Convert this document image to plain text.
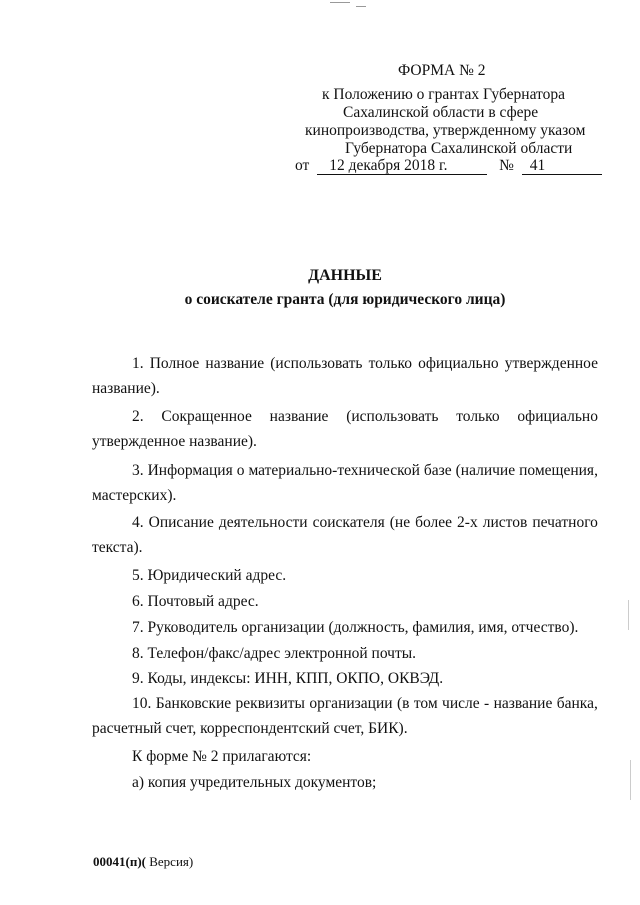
ФОРМА № 2
к Положению о грантах Губернатора
Сахалинской области в сфере
кинопроизводства, утвержденному указом
Губернатора Сахалинской области
от 12 декабря 2018 г.	№ 41
ДАННЫЕ
о соискателе гранта (для юридического лица)
1. Полное название (использовать только официально утвержденное
название).
2. Сокращенное название (использовать только официально
утвержденное название).
3. Информация о материально-технической базе (наличие помещения,
мастерских).
4. Описание деятельности соискателя (не более 2-х листов печатного
текста).
5. Юридический адрес.
6. Почтовый адрес.
7. Руководитель организации (должность, фамилия, имя, отчество).
8. Телефон/факс/адрес электронной почты.
9. Коды, индексы: ИНН, КПП, ОКПО, ОКВЭД.
10. Банковские реквизиты организации (в том числе - название банка,
расчетный счет, корреспондентский счет, БИК).
К форме № 2 прилагаются:
а) копия учредительных документов;
00041(п)( Версия)
